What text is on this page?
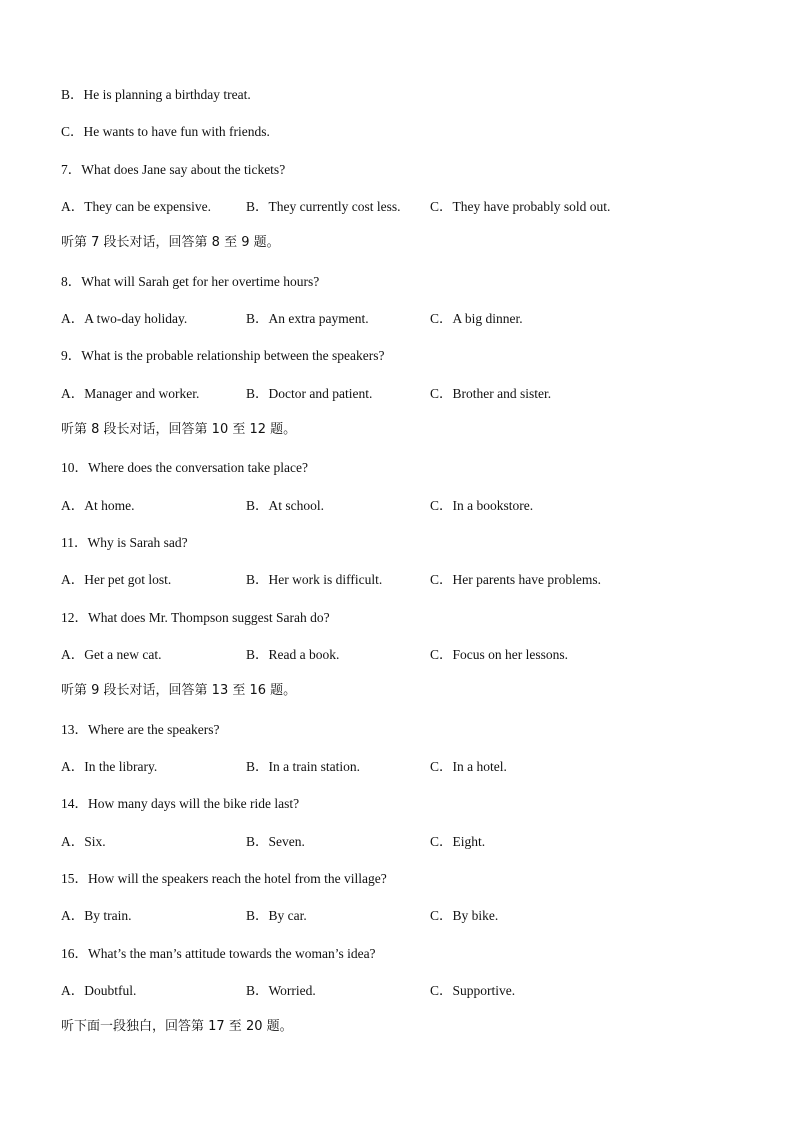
B．He is planning a birthday treat.
C．He wants to have fun with friends.
7．What does Jane say about the tickets?
A．They can be expensive.	B．They currently cost less. C．They have probably sold out.
听第 7 段长对话，回答第 8 至 9 题。
8．What will Sarah get for her overtime hours?
A．A two-day holiday.	B．An extra payment.	C．A big dinner.
9．What is the probable relationship between the speakers?
A．Manager and worker.	B．Doctor and patient.	C．Brother and sister.
听第 8 段长对话，回答第 10 至 12 题。
10．Where does the conversation take place?
A．At home.	B．At school.	C．In a bookstore.
11．Why is Sarah sad?
A．Her pet got lost.	B．Her work is difficult.	C．Her parents have problems.
12．What does Mr. Thompson suggest Sarah do?
A．Get a new cat.	B．Read a book.	C．Focus on her lessons.
听第 9 段长对话，回答第 13 至 16 题。
13．Where are the speakers?
A．In the library.	B．In a train station.	C．In a hotel.
14．How many days will the bike ride last?
A．Six.	B．Seven.	C．Eight.
15．How will the speakers reach the hotel from the village?
A．By train.	B．By car.	C．By bike.
16．What’s the man’s attitude towards the woman’s idea?
A．Doubtful.	B．Worried.	C．Supportive.
听下面一段独白，回答第 17 至 20 题。
